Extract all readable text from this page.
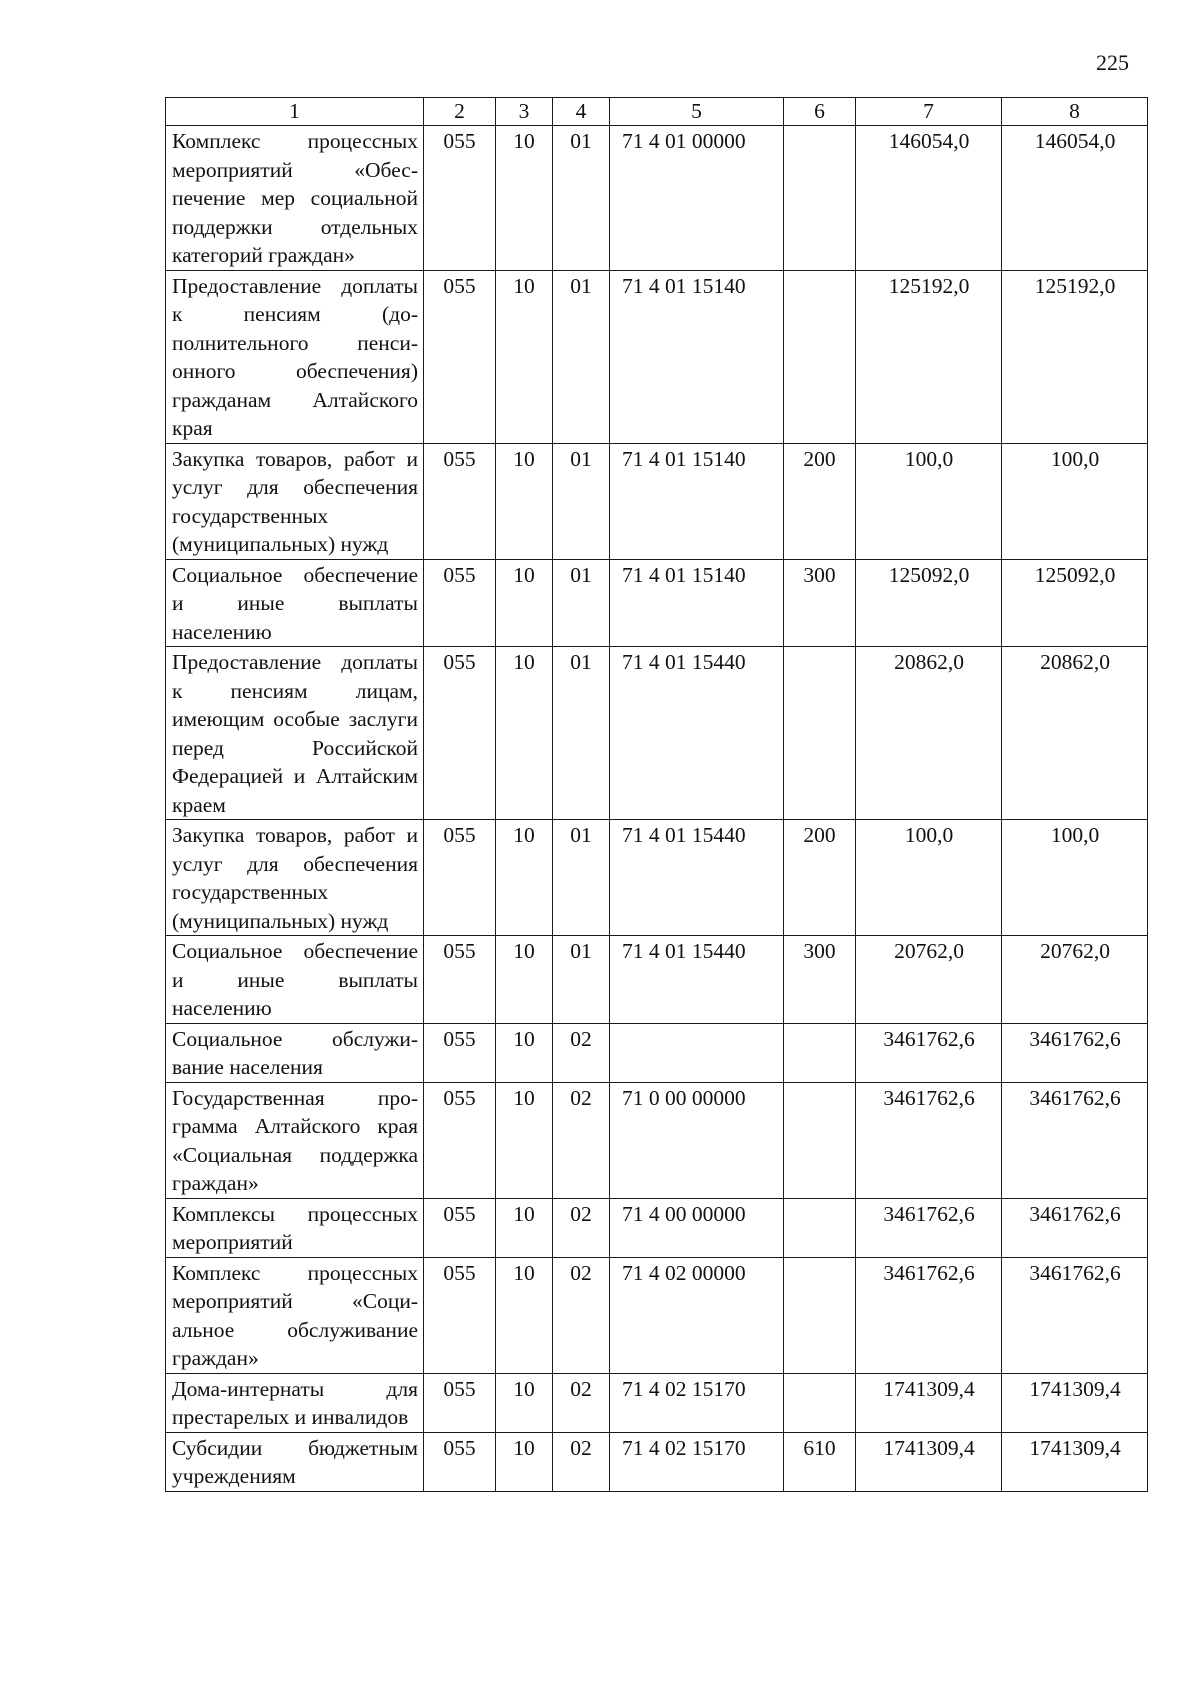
225
1	2	3	4	5	6	7	8
Комплекс процессных мероприятий «Обеспечение мер социальной поддержки отдельных категорий граждан»	055	10	01	71 4 01 00000		146054,0	146054,0
Предоставление доплаты к пенсиям (дополнительного пенсионного обеспечения) гражданам Алтайского края	055	10	01	71 4 01 15140		125192,0	125192,0
Закупка товаров, работ и услуг для обеспечения государственных (муниципальных) нужд	055	10	01	71 4 01 15140	200	100,0	100,0
Социальное обеспечение и иные выплаты населению	055	10	01	71 4 01 15140	300	125092,0	125092,0
Предоставление доплаты к пенсиям лицам, имеющим особые заслуги перед Российской Федерацией и Алтайским краем	055	10	01	71 4 01 15440		20862,0	20862,0
Закупка товаров, работ и услуг для обеспечения государственных (муниципальных) нужд	055	10	01	71 4 01 15440	200	100,0	100,0
Социальное обеспечение и иные выплаты населению	055	10	01	71 4 01 15440	300	20762,0	20762,0
Социальное обслуживание населения	055	10	02			3461762,6	3461762,6
Государственная программа Алтайского края «Социальная поддержка граждан»	055	10	02	71 0 00 00000		3461762,6	3461762,6
Комплексы процессных мероприятий	055	10	02	71 4 00 00000		3461762,6	3461762,6
Комплекс процессных мероприятий «Социальное обслуживание граждан»	055	10	02	71 4 02 00000		3461762,6	3461762,6
Дома-интернаты для престарелых и инвалидов	055	10	02	71 4 02 15170		1741309,4	1741309,4
Субсидии бюджетным учреждениям	055	10	02	71 4 02 15170	610	1741309,4	1741309,4
